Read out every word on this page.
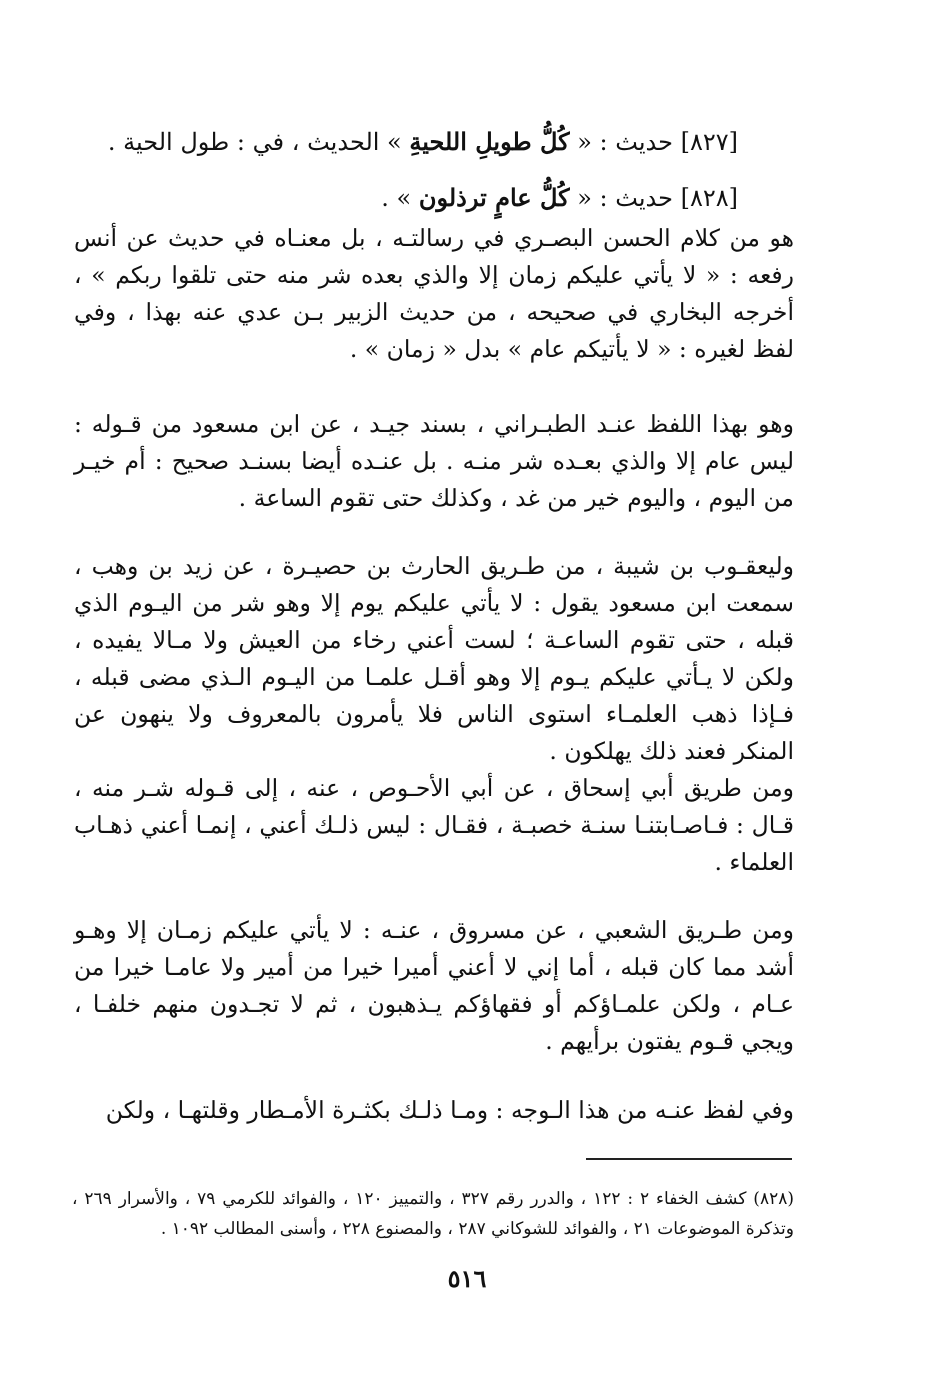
[٨٢٧] حديث : « كُلُّ طويلِ اللحيةِ » الحديث ، في : طول الحية .
[٨٢٨] حديث : « كُلُّ عامٍ ترذلون » .

هو من كلام الحسن البصـري في رسالتـه ، بل معنـاه في حديث عن أنس رفعه : « لا يأتي عليكم زمان إلا والذي بعده شر منه حتى تلقوا ربكم » ، أخرجه البخاري في صحيحه ، من حديث الزبير بـن عدي عنه بهذا ، وفي لفظ لغيره : « لا يأتيكم عام » بدل « زمان » .

وهو بهذا اللفظ عنـد الطبـراني ، بسند جيـد ، عن ابن مسعود من قـوله : ليس عام إلا والذي بعـده شر منـه . بل عنـده أيضا بسنـد صحيح : أم خيـر من اليوم ، واليوم خير من غد ، وكذلك حتى تقوم الساعة .

وليعقـوب بن شيبة ، من طـريق الحارث بن حصيـرة ، عن زيد بن وهب ، سمعت ابن مسعود يقول : لا يأتي عليكم يوم إلا وهو شر من اليـوم الذي قبله ، حتى تقوم الساعـة ؛ لست أعني رخاء من العيش ولا مـالا يفيده ، ولكن لا يـأتي عليكم يـوم إلا وهو أقـل علمـا من اليـوم الـذي مضى قبله ، فـإذا ذهب العلمـاء استوى الناس فلا يأمرون بالمعروف ولا ينهون عن المنكر فعند ذلك يهلكون .

ومن طريق أبي إسحاق ، عن أبي الأحـوص ، عنه ، إلى قـوله شـر منه ، قـال : فـاصـابتنـا سنـة خصبـة ، فقـال : ليس ذلـك أعني ، إنمـا أعني ذهـاب العلماء .

ومن طـريق الشعبي ، عن مسروق ، عنـه : لا يأتي عليكم زمـان إلا وهـو أشد مما كان قبله ، أما إني لا أعني أميرا خيرا من أمير ولا عامـا خيرا من عـام ، ولكن علمـاؤكم أو فقهاؤكم يـذهبون ، ثم لا تجـدون منهم خلفـا ، ويجي قـوم يفتون برأيهم .

وفي لفظ عنـه من هذا الـوجه : ومـا ذلـك بكثـرة الأمـطار وقلتهـا ، ولكن

(٨٢٨) كشف الخفاء ٢ : ١٢٢ ، والدرر رقم ٣٢٧ ، والتمييز ١٢٠ ، والفوائد للكرمي ٧٩ ، والأسرار ٢٦٩ ، وتذكرة الموضوعات ٢١ ، والفوائد للشوكاني ٢٨٧ ، والمصنوع ٢٢٨ ، وأسنى المطالب ١٠٩٢ .

٥١٦
